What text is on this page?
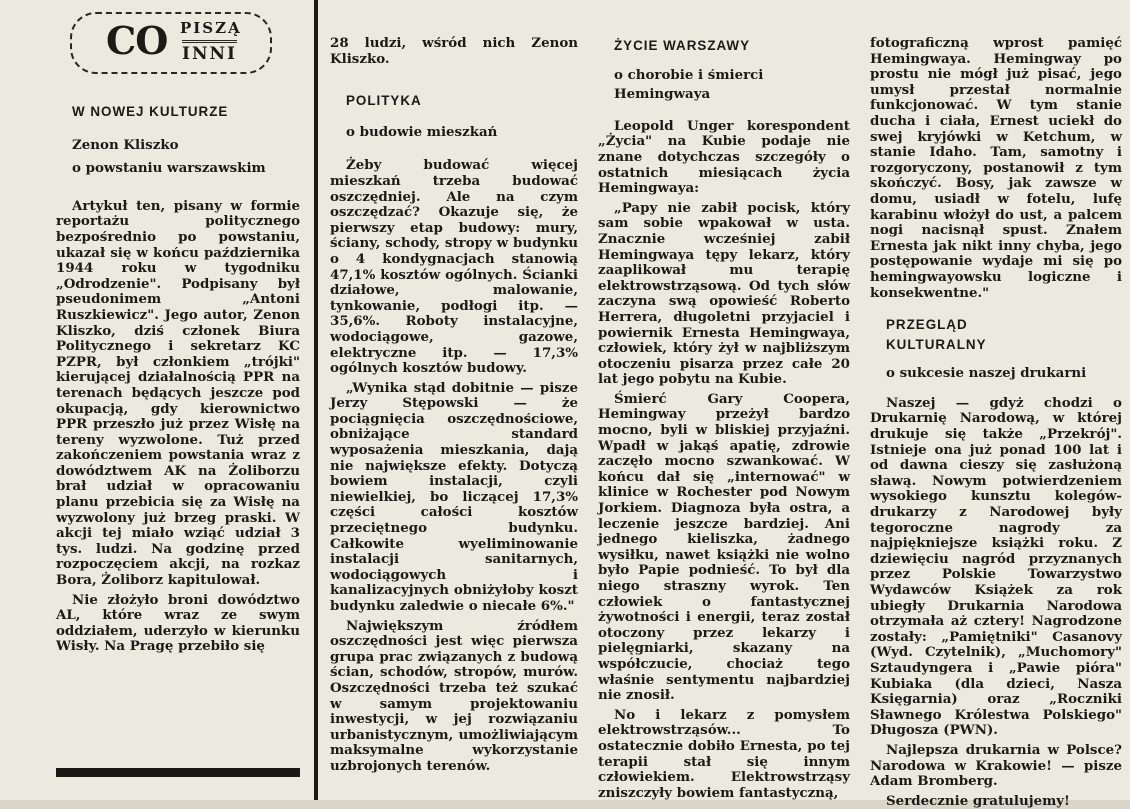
CO PISZĄ
INNI

W NOWEJ KULTURZE

Zenon Kliszko

o powstaniu warszawskim

Artykuł ten, pisany w formie reportażu politycznego bezpośrednio po powstaniu, ukazał się w końcu października 1944 roku w tygodniku „Odrodzenie". Podpisany był pseudonimem „Antoni Ruszkiewicz". Jego autor, Zenon Kliszko, dziś członek Biura Politycznego i sekretarz KC PZPR, był członkiem „trójki" kierującej działalnością PPR na terenach będących jeszcze pod okupacją, gdy kierownictwo PPR przeszło już przez Wisłę na tereny wyzwolone. Tuż przed zakończeniem powstania wraz z dowództwem AK na Żoliborzu brał udział w opracowaniu planu przebicia się za Wisłę na wyzwolony już brzeg praski. W akcji tej miało wziąć udział 3 tys. ludzi. Na godzinę przed rozpoczęciem akcji, na rozkaz Bora, Żoliborz kapitulował.

Nie złożyło broni dowództwo AL, które wraz ze swym oddziałem, uderzyło w kierunku Wisły. Na Pragę przebiło się

28 ludzi, wśród nich Zenon Kliszko.

POLITYKA

o budowie mieszkań

Żeby budować więcej mieszkań trzeba budować oszczędniej. Ale na czym oszczędzać? Okazuje się, że pierwszy etap budowy: mury, ściany, schody, stropy w budynku o 4 kondygnacjach stanowią 47,1% kosztów ogólnych. Ścianki działowe, malowanie, tynkowanie, podłogi itp. — 35,6%. Roboty instalacyjne, wodociągowe, gazowe, elektryczne itp. — 17,3% ogólnych kosztów budowy.

„Wynika stąd dobitnie — pisze Jerzy Stępowski — że pociągnięcia oszczędnościowe, obniżające standard wyposażenia mieszkania, dają nie największe efekty. Dotyczą bowiem instalacji, czyli niewielkiej, bo liczącej 17,3% części całości kosztów przeciętnego budynku. Całkowite wyeliminowanie instalacji sanitarnych, wodociągowych i kanalizacyjnych obniżyłoby koszt budynku zaledwie o niecałe 6%."

Największym źródłem oszczędności jest więc pierwsza grupa prac związanych z budową ścian, schodów, stropów, murów. Oszczędności trzeba też szukać w samym projektowaniu inwestycji, w jej rozwiązaniu urbanistycznym, umożliwiającym maksymalne wykorzystanie uzbrojonych terenów.

ŻYCIE WARSZAWY

o chorobie i śmierci

Hemingwaya

Leopold Unger korespondent „Życia" na Kubie podaje nie znane dotychczas szczegóły o ostatnich miesiącach życia Hemingwaya:

„Papy nie zabił pocisk, który sam sobie wpakował w usta. Znacznie wcześniej zabił Hemingwaya tępy lekarz, który zaaplikował mu terapię elektrowstrząsową. Od tych słów zaczyna swą opowieść Roberto Herrera, długoletni przyjaciel i powiernik Ernesta Hemingwaya, człowiek, który żył w najbliższym otoczeniu pisarza przez całe 20 lat jego pobytu na Kubie.

Śmierć Gary Coopera, Hemingway przeżył bardzo mocno, byli w bliskiej przyjaźni. Wpadł w jakąś apatię, zdrowie zaczęło mocno szwankować. W końcu dał się „internować" w klinice w Rochester pod Nowym Jorkiem. Diagnoza była ostra, a leczenie jeszcze bardziej. Ani jednego kieliszka, żadnego wysiłku, nawet książki nie wolno było Papie podnieść. To był dla niego straszny wyrok. Ten człowiek o fantastycznej żywotności i energii, teraz został otoczony przez lekarzy i pielęgniarki, skazany na współczucie, chociaż tego właśnie sentymentu najbardziej nie znosił.

No i lekarz z pomysłem elektrowstrząsów... To ostatecznie dobiło Ernesta, po tej terapii stał się innym człowiekiem. Elektrowstrząsy zniszczyły bowiem fantastyczną,

fotograficzną wprost pamięć Hemingwaya. Hemingway po prostu nie mógł już pisać, jego umysł przestał normalnie funkcjonować. W tym stanie ducha i ciała, Ernest uciekł do swej kryjówki w Ketchum, w stanie Idaho. Tam, samotny i rozgoryczony, postanowił z tym skończyć. Bosy, jak zawsze w domu, usiadł w fotelu, lufę karabinu włożył do ust, a palcem nogi nacisnął spust. Znałem Ernesta jak nikt inny chyba, jego postępowanie wydaje mi się po hemingwayowsku logiczne i konsekwentne."

PRZEGLĄD

KULTURALNY

o sukcesie naszej drukarni

Naszej — gdyż chodzi o Drukarnię Narodową, w której drukuje się także „Przekrój". Istnieje ona już ponad 100 lat i od dawna cieszy się zasłużoną sławą. Nowym potwierdzeniem wysokiego kunsztu kolegów-drukarzy z Narodowej były tegoroczne nagrody za najpiękniejsze książki roku. Z dziewięciu nagród przyznanych przez Polskie Towarzystwo Wydawców Książek za rok ubiegły Drukarnia Narodowa otrzymała aż cztery! Nagrodzone zostały: „Pamiętniki" Casanovy (Wyd. Czytelnik), „Muchomory" Sztaudyngera i „Pawie pióra" Kubiaka (dla dzieci, Nasza Księgarnia) oraz „Roczniki Sławnego Królestwa Polskiego" Długosza (PWN).

Najlepsza drukarnia w Polsce? Narodowa w Krakowie! — pisze Adam Bromberg.

Serdecznie gratulujemy!
